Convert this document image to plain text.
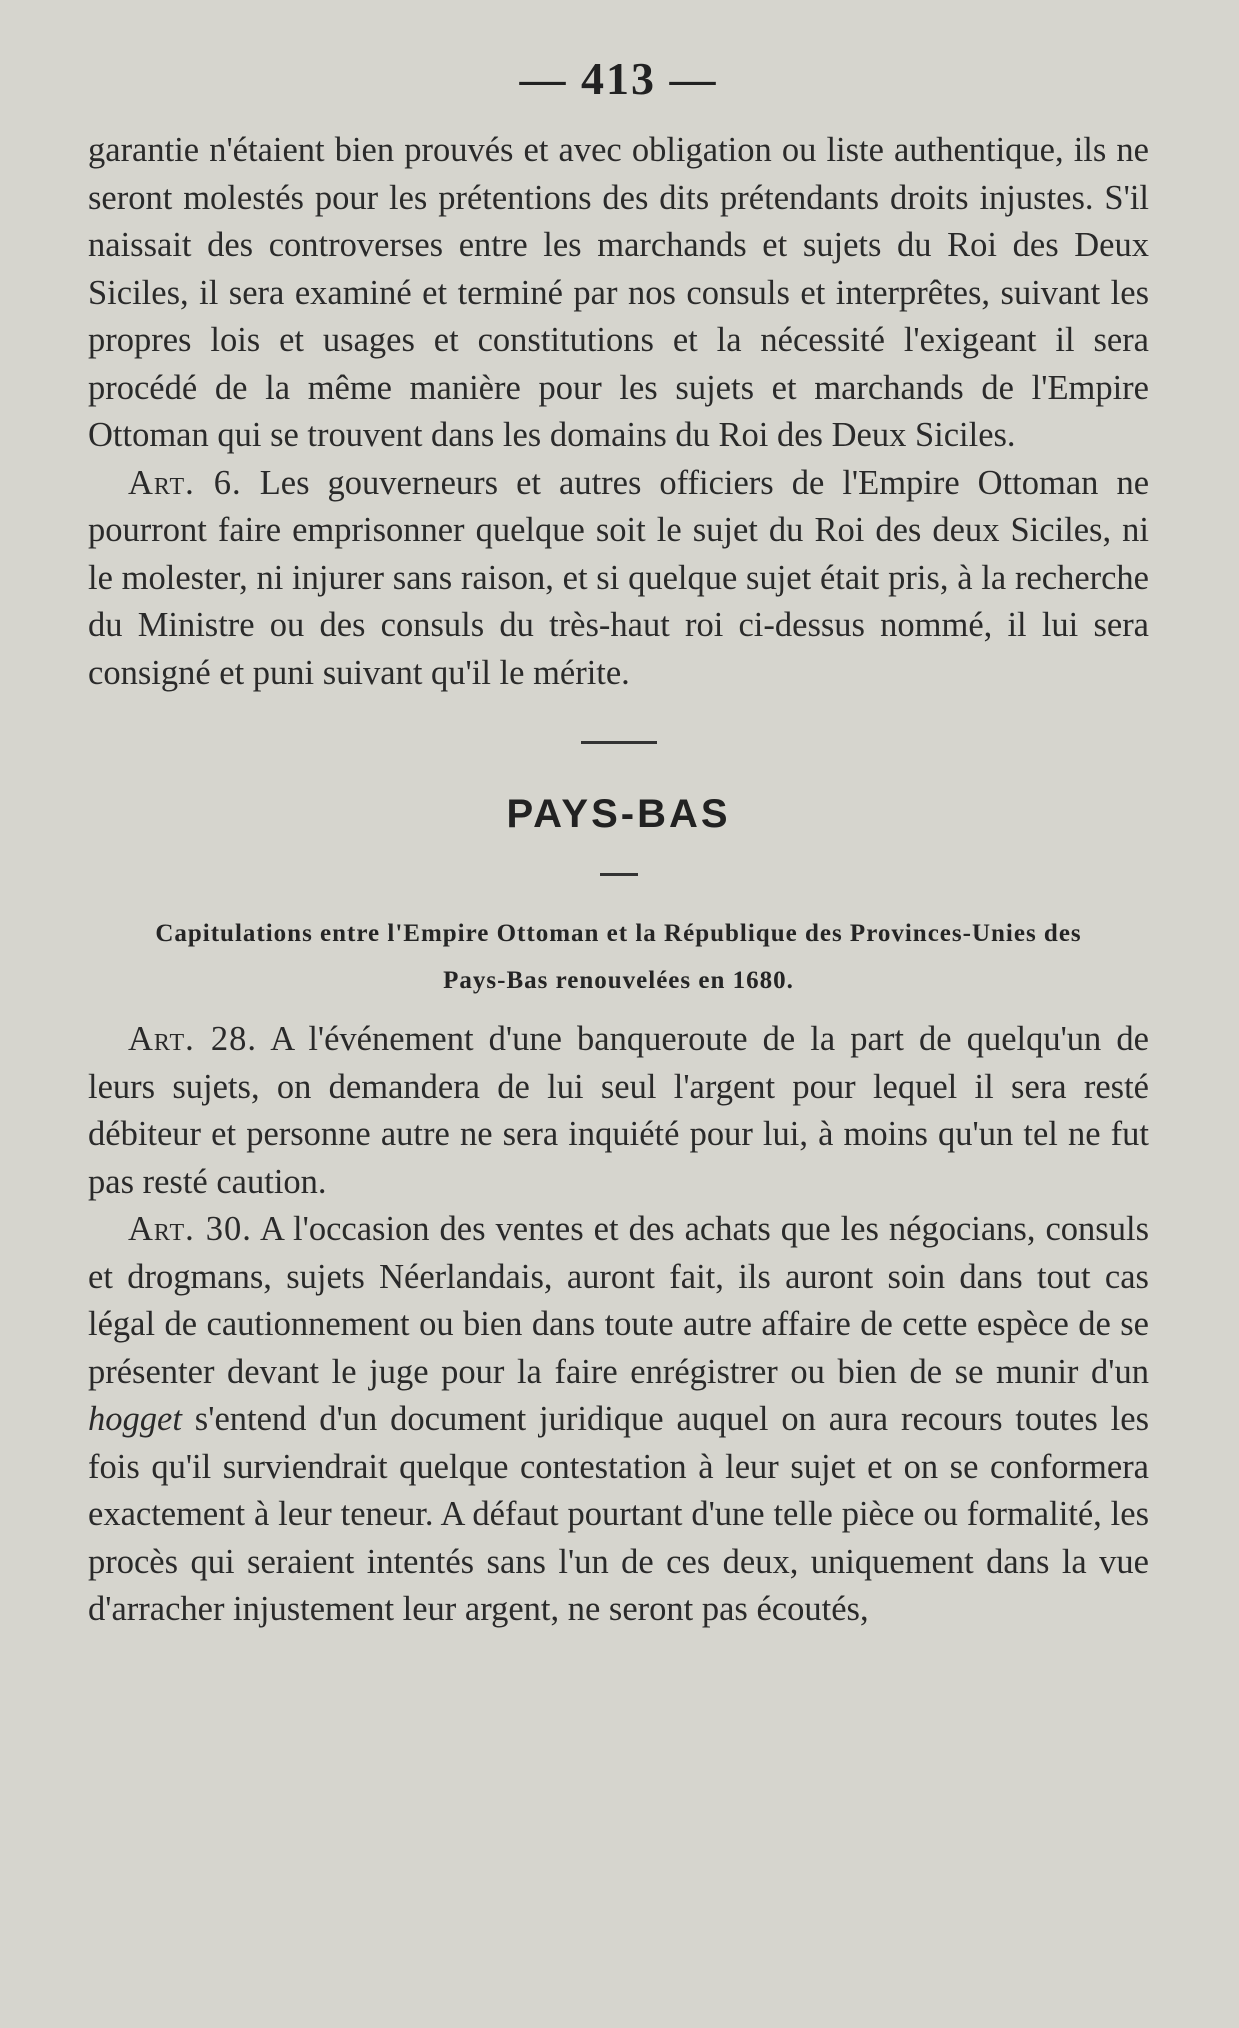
— 413 —

garantie n'étaient bien prouvés et avec obligation ou liste authentique, ils ne seront molestés pour les prétentions des dits prétendants droits injustes. S'il naissait des controverses entre les marchands et sujets du Roi des Deux Siciles, il sera examiné et terminé par nos consuls et interprêtes, suivant les propres lois et usages et constitutions et la nécessité l'exigeant il sera procédé de la même manière pour les sujets et marchands de l'Empire Ottoman qui se trouvent dans les domains du Roi des Deux Siciles.

Art. 6. Les gouverneurs et autres officiers de l'Empire Ottoman ne pourront faire emprisonner quelque soit le sujet du Roi des deux Siciles, ni le molester, ni injurer sans raison, et si quelque sujet était pris, à la recherche du Ministre ou des consuls du très-haut roi ci-dessus nommé, il lui sera consigné et puni suivant qu'il le mérite.

PAYS-BAS

Capitulations entre l'Empire Ottoman et la République des Provinces-Unies des Pays-Bas renouvelées en 1680.

Art. 28. A l'événement d'une banqueroute de la part de quelqu'un de leurs sujets, on demandera de lui seul l'argent pour lequel il sera resté débiteur et personne autre ne sera inquiété pour lui, à moins qu'un tel ne fut pas resté caution.

Art. 30. A l'occasion des ventes et des achats que les négocians, consuls et drogmans, sujets Néerlandais, auront fait, ils auront soin dans tout cas légal de cautionnement ou bien dans toute autre affaire de cette espèce de se présenter devant le juge pour la faire enrégistrer ou bien de se munir d'un hogget s'entend d'un document juridique auquel on aura recours toutes les fois qu'il surviendrait quelque contestation à leur sujet et on se conformera exactement à leur teneur. A défaut pourtant d'une telle pièce ou formalité, les procès qui seraient intentés sans l'un de ces deux, uniquement dans la vue d'arracher injustement leur argent, ne seront pas écoutés,
